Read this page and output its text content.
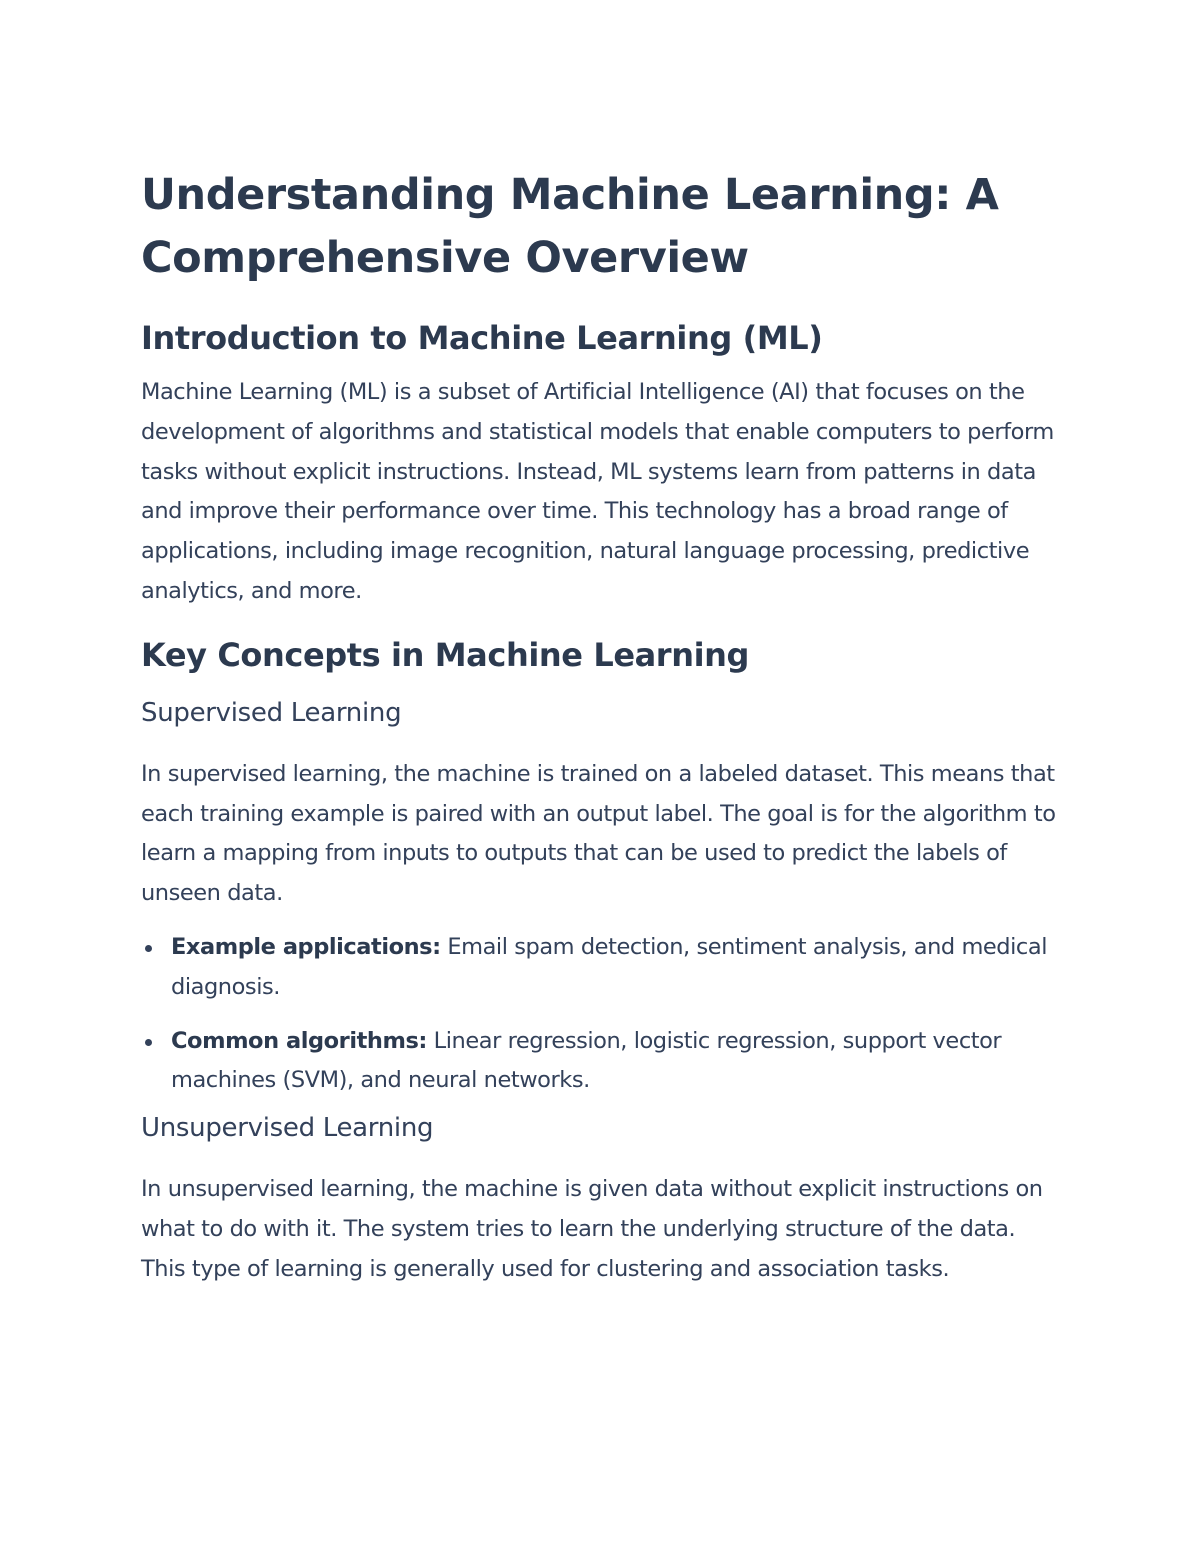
Understanding Machine Learning: A Comprehensive Overview
Introduction to Machine Learning (ML)

Machine Learning (ML) is a subset of Artificial Intelligence (AI) that focuses on the development of algorithms and statistical models that enable computers to perform tasks without explicit instructions. Instead, ML systems learn from patterns in data and improve their performance over time. This technology has a broad range of applications, including image recognition, natural language processing, predictive analytics, and more.

Key Concepts in Machine Learning
Supervised Learning

In supervised learning, the machine is trained on a labeled dataset. This means that each training example is paired with an output label. The goal is for the algorithm to learn a mapping from inputs to outputs that can be used to predict the labels of unseen data.

Example applications: Email spam detection, sentiment analysis, and medical diagnosis.
Common algorithms: Linear regression, logistic regression, support vector machines (SVM), and neural networks.
Unsupervised Learning

In unsupervised learning, the machine is given data without explicit instructions on what to do with it. The system tries to learn the underlying structure of the data. This type of learning is generally used for clustering and association tasks.
